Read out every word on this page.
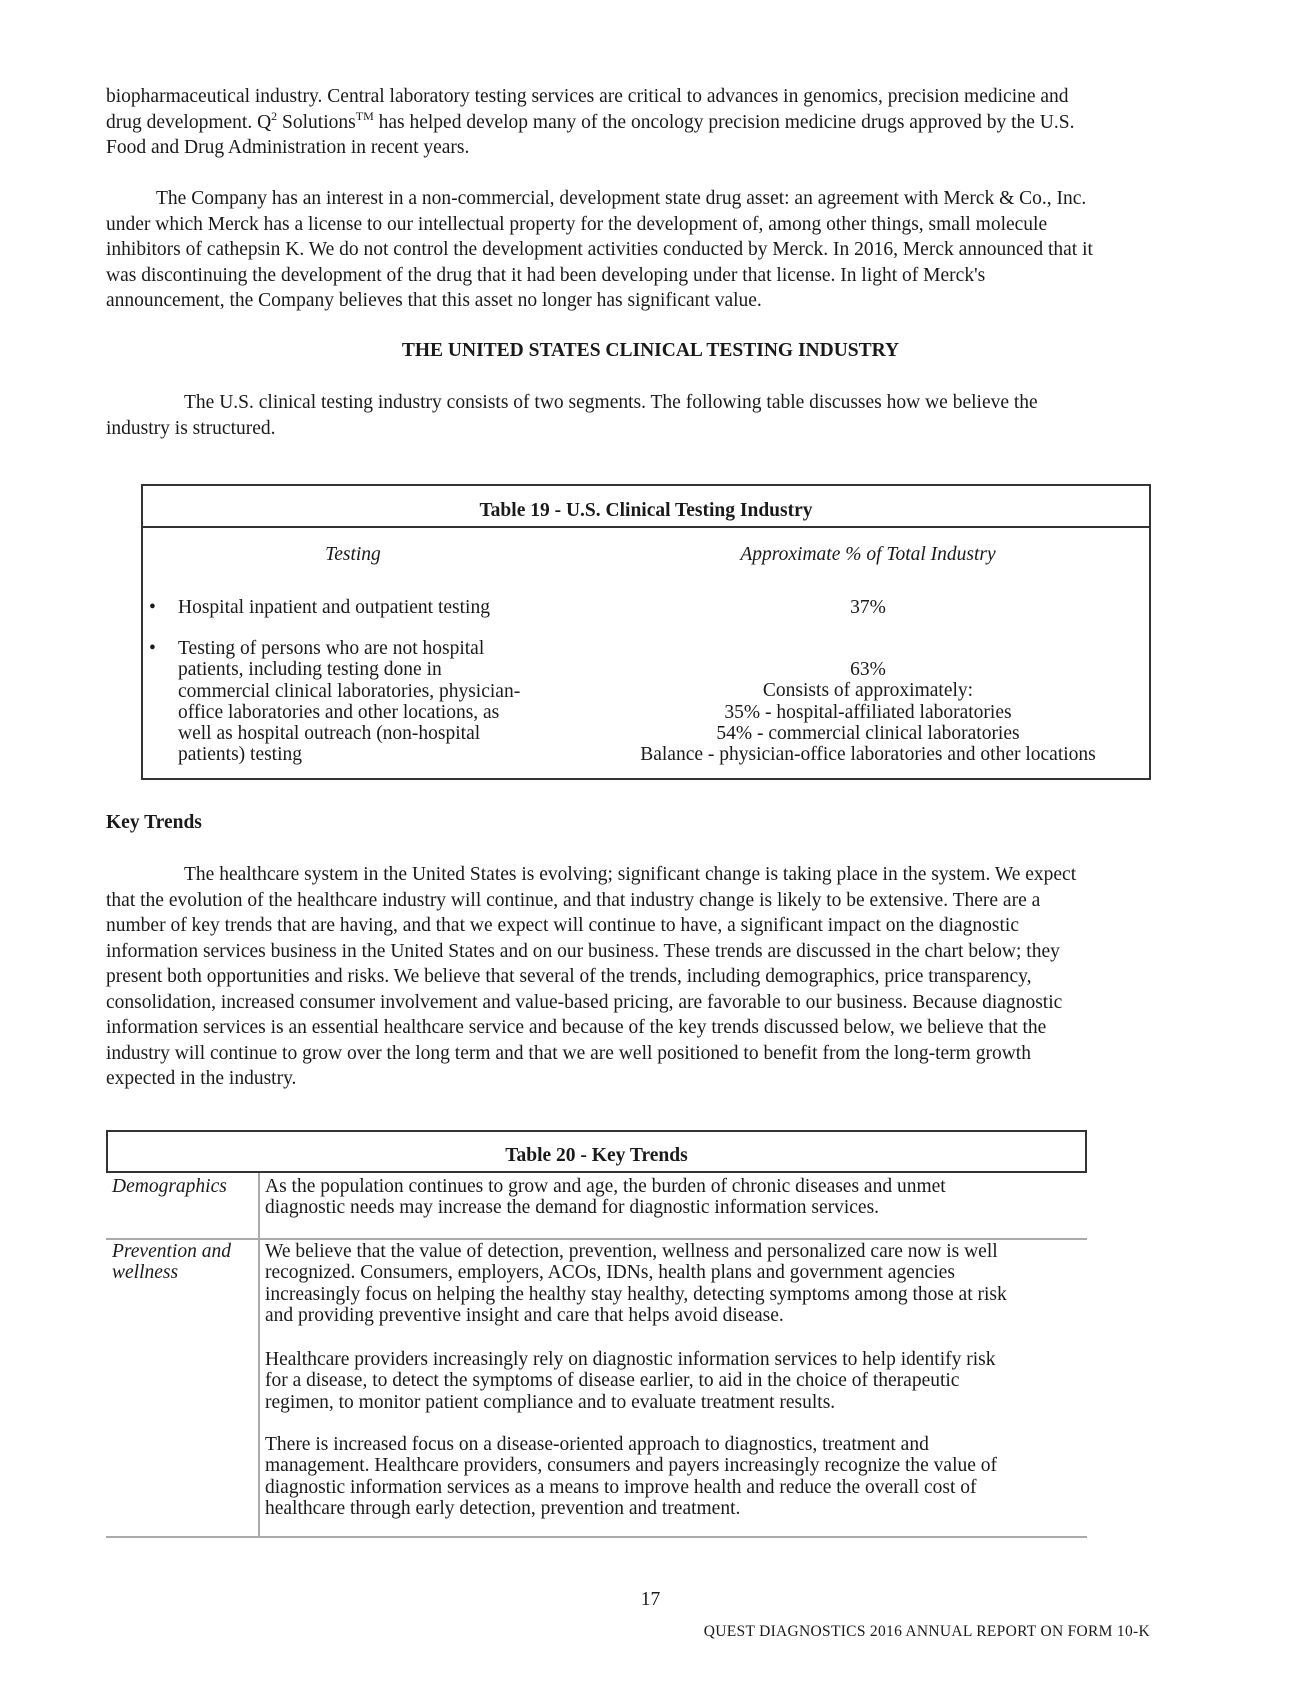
biopharmaceutical industry. Central laboratory testing services are critical to advances in genomics, precision medicine and
drug development. $Q^2$ Solutions™ has helped develop many of the oncology precision medicine drugs approved by the U.S.
Food and Drug Administration in recent years.

The Company has an interest in a non-commercial, development state drug asset: an agreement with Merck & Co., Inc.
under which Merck has a license to our intellectual property for the development of, among other things, small molecule
inhibitors of cathepsin K. We do not control the development activities conducted by Merck. In 2016, Merck announced that it
was discontinuing the development of the drug that it had been developing under that license. In light of Merck's
announcement, the Company believes that this asset no longer has significant value.

THE UNITED STATES CLINICAL TESTING INDUSTRY

The U.S. clinical testing industry consists of two segments. The following table discusses how we believe the
industry is structured.

Table 19 - U.S. Clinical Testing Industry
Testing	Approximate % of Total Industry
• Hospital inpatient and outpatient testing	37%
• Testing of persons who are not hospital
patients, including testing done in
commercial clinical laboratories, physician-
office laboratories and other locations, as
well as hospital outreach (non-hospital
patients) testing
63%
Consists of approximately:
35% - hospital-affiliated laboratories
54% - commercial clinical laboratories
Balance - physician-office laboratories and other locations

Key Trends

The healthcare system in the United States is evolving; significant change is taking place in the system. We expect
that the evolution of the healthcare industry will continue, and that industry change is likely to be extensive. There are a
number of key trends that are having, and that we expect will continue to have, a significant impact on the diagnostic
information services business in the United States and on our business. These trends are discussed in the chart below; they
present both opportunities and risks. We believe that several of the trends, including demographics, price transparency,
consolidation, increased consumer involvement and value-based pricing, are favorable to our business. Because diagnostic
information services is an essential healthcare service and because of the key trends discussed below, we believe that the
industry will continue to grow over the long term and that we are well positioned to benefit from the long-term growth
expected in the industry.

Table 20 - Key Trends
Demographics As the population continues to grow and age, the burden of chronic diseases and unmet
diagnostic needs may increase the demand for diagnostic information services.
Prevention and
wellness
We believe that the value of detection, prevention, wellness and personalized care now is well
recognized. Consumers, employers, ACOs, IDNs, health plans and government agencies
increasingly focus on helping the healthy stay healthy, detecting symptoms among those at risk
and providing preventive insight and care that helps avoid disease.
Healthcare providers increasingly rely on diagnostic information services to help identify risk
for a disease, to detect the symptoms of disease earlier, to aid in the choice of therapeutic
regimen, to monitor patient compliance and to evaluate treatment results.
There is increased focus on a disease-oriented approach to diagnostics, treatment and
management. Healthcare providers, consumers and payers increasingly recognize the value of
diagnostic information services as a means to improve health and reduce the overall cost of
healthcare through early detection, prevention and treatment.
17
QUEST DIAGNOSTICS 2016 ANNUAL REPORT ON FORM 10-K
